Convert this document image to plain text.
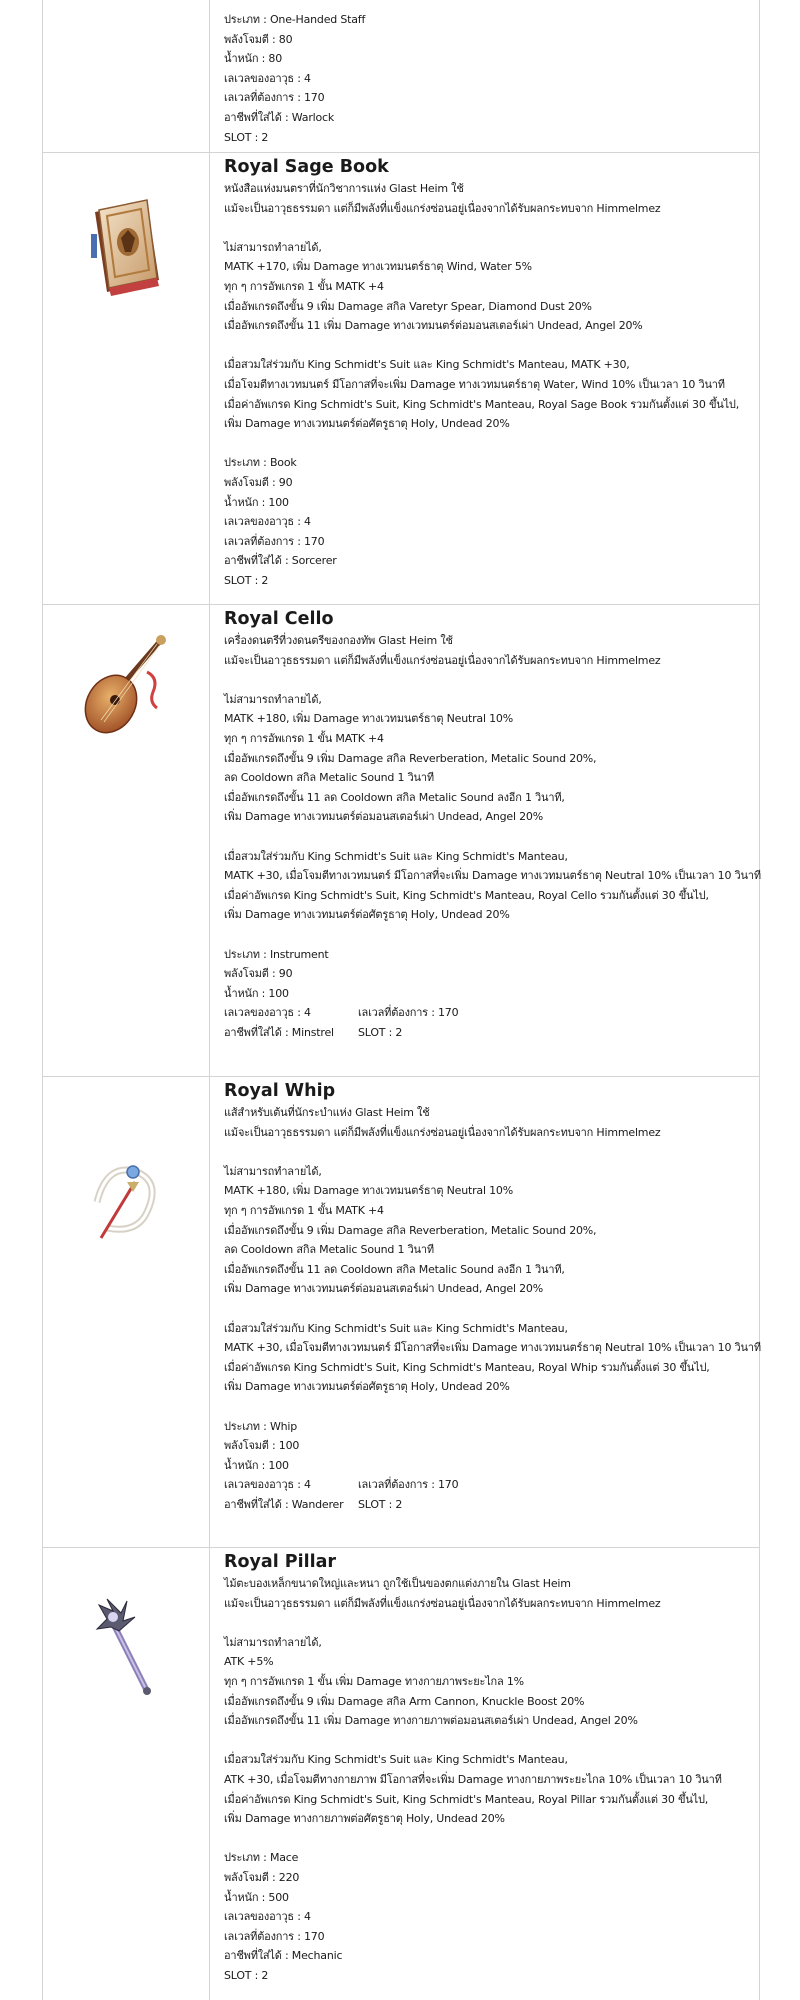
ประเภท : One-Handed Staff
พลังโจมตี : 80
น้ำหนัก : 80
เลเวลของอาวุธ : 4
เลเวลที่ต้องการ : 170
อาชีพที่ใส่ได้ : Warlock
SLOT : 2
Royal Sage Book
หนังสือแห่งมนตราที่นักวิชาการแห่ง Glast Heim ใช้
แม้จะเป็นอาวุธธรรมดา แต่ก็มีพลังที่แข็งแกร่งซ่อนอยู่เนื่องจากได้รับผลกระทบจาก Himmelmez
ไม่สามารถทำลายได้,
MATK +170, เพิ่ม Damage ทางเวทมนตร์ธาตุ Wind, Water 5%
ทุก ๆ การอัพเกรด 1 ขั้น MATK +4
เมื่ออัพเกรดถึงขั้น 9 เพิ่ม Damage สกิล Varetyr Spear, Diamond Dust 20%
เมื่ออัพเกรดถึงขั้น 11 เพิ่ม Damage ทางเวทมนตร์ต่อมอนสเตอร์เผ่า Undead, Angel 20%
เมื่อสวมใส่ร่วมกับ King Schmidt's Suit และ King Schmidt's Manteau, MATK +30,
เมื่อโจมตีทางเวทมนตร์ มีโอกาสที่จะเพิ่ม Damage ทางเวทมนตร์ธาตุ Water, Wind 10% เป็นเวลา 10 วินาที
เมื่อค่าอัพเกรด King Schmidt's Suit, King Schmidt's Manteau, Royal Sage Book รวมกันตั้งแต่ 30 ขึ้นไป,
เพิ่ม Damage ทางเวทมนตร์ต่อศัตรูธาตุ Holy, Undead 20%
ประเภท : Book
พลังโจมตี : 90
น้ำหนัก : 100
เลเวลของอาวุธ : 4
เลเวลที่ต้องการ : 170
อาชีพที่ใส่ได้ : Sorcerer
SLOT : 2
Royal Cello
เครื่องดนตรีที่วงดนตรีของกองทัพ Glast Heim ใช้
แม้จะเป็นอาวุธธรรมดา แต่ก็มีพลังที่แข็งแกร่งซ่อนอยู่เนื่องจากได้รับผลกระทบจาก Himmelmez
ไม่สามารถทำลายได้,
MATK +180, เพิ่ม Damage ทางเวทมนตร์ธาตุ Neutral 10%
ทุก ๆ การอัพเกรด 1 ขั้น MATK +4
เมื่ออัพเกรดถึงขั้น 9 เพิ่ม Damage สกิล Reverberation, Metalic Sound 20%,
ลด Cooldown สกิล Metalic Sound 1 วินาที
เมื่ออัพเกรดถึงขั้น 11 ลด Cooldown สกิล Metalic Sound ลงอีก 1 วินาที,
เพิ่ม Damage ทางเวทมนตร์ต่อมอนสเตอร์เผ่า Undead, Angel 20%
เมื่อสวมใส่ร่วมกับ King Schmidt's Suit และ King Schmidt's Manteau,
MATK +30, เมื่อโจมตีทางเวทมนตร์ มีโอกาสที่จะเพิ่ม Damage ทางเวทมนตร์ธาตุ Neutral 10% เป็นเวลา 10 วินาที
เมื่อค่าอัพเกรด King Schmidt's Suit, King Schmidt's Manteau, Royal Cello รวมกันตั้งแต่ 30 ขึ้นไป,
เพิ่ม Damage ทางเวทมนตร์ต่อศัตรูธาตุ Holy, Undead 20%
ประเภท : Instrument
พลังโจมตี : 90
น้ำหนัก : 100
เลเวลของอาวุธ : 4	เลเวลที่ต้องการ : 170
อาชีพที่ใส่ได้ : Minstrel	SLOT : 2
Royal Whip
แส้สำหรับเต้นที่นักระบำแห่ง Glast Heim ใช้
แม้จะเป็นอาวุธธรรมดา แต่ก็มีพลังที่แข็งแกร่งซ่อนอยู่เนื่องจากได้รับผลกระทบจาก Himmelmez
ไม่สามารถทำลายได้,
MATK +180, เพิ่ม Damage ทางเวทมนตร์ธาตุ Neutral 10%
ทุก ๆ การอัพเกรด 1 ขั้น MATK +4
เมื่ออัพเกรดถึงขั้น 9 เพิ่ม Damage สกิล Reverberation, Metalic Sound 20%,
ลด Cooldown สกิล Metalic Sound 1 วินาที
เมื่ออัพเกรดถึงขั้น 11 ลด Cooldown สกิล Metalic Sound ลงอีก 1 วินาที,
เพิ่ม Damage ทางเวทมนตร์ต่อมอนสเตอร์เผ่า Undead, Angel 20%
เมื่อสวมใส่ร่วมกับ King Schmidt's Suit และ King Schmidt's Manteau,
MATK +30, เมื่อโจมตีทางเวทมนตร์ มีโอกาสที่จะเพิ่ม Damage ทางเวทมนตร์ธาตุ Neutral 10% เป็นเวลา 10 วินาที
เมื่อค่าอัพเกรด King Schmidt's Suit, King Schmidt's Manteau, Royal Whip รวมกันตั้งแต่ 30 ขึ้นไป,
เพิ่ม Damage ทางเวทมนตร์ต่อศัตรูธาตุ Holy, Undead 20%
ประเภท : Whip
พลังโจมตี : 100
น้ำหนัก : 100
เลเวลของอาวุธ : 4	เลเวลที่ต้องการ : 170
อาชีพที่ใส่ได้ : Wanderer	SLOT : 2
Royal Pillar
ไม้ตะบองเหล็กขนาดใหญ่และหนา ถูกใช้เป็นของตกแต่งภายใน Glast Heim
แม้จะเป็นอาวุธธรรมดา แต่ก็มีพลังที่แข็งแกร่งซ่อนอยู่เนื่องจากได้รับผลกระทบจาก Himmelmez
ไม่สามารถทำลายได้,
ATK +5%
ทุก ๆ การอัพเกรด 1 ขั้น เพิ่ม Damage ทางกายภาพระยะไกล 1%
เมื่ออัพเกรดถึงขั้น 9 เพิ่ม Damage สกิล Arm Cannon, Knuckle Boost 20%
เมื่ออัพเกรดถึงขั้น 11 เพิ่ม Damage ทางกายภาพต่อมอนสเตอร์เผ่า Undead, Angel 20%
เมื่อสวมใส่ร่วมกับ King Schmidt's Suit และ King Schmidt's Manteau,
ATK +30, เมื่อโจมตีทางกายภาพ มีโอกาสที่จะเพิ่ม Damage ทางกายภาพระยะไกล 10% เป็นเวลา 10 วินาที
เมื่อค่าอัพเกรด King Schmidt's Suit, King Schmidt's Manteau, Royal Pillar รวมกันตั้งแต่ 30 ขึ้นไป,
เพิ่ม Damage ทางกายภาพต่อศัตรูธาตุ Holy, Undead 20%
ประเภท : Mace
พลังโจมตี : 220
น้ำหนัก : 500
เลเวลของอาวุธ : 4
เลเวลที่ต้องการ : 170
อาชีพที่ใส่ได้ : Mechanic
SLOT : 2
